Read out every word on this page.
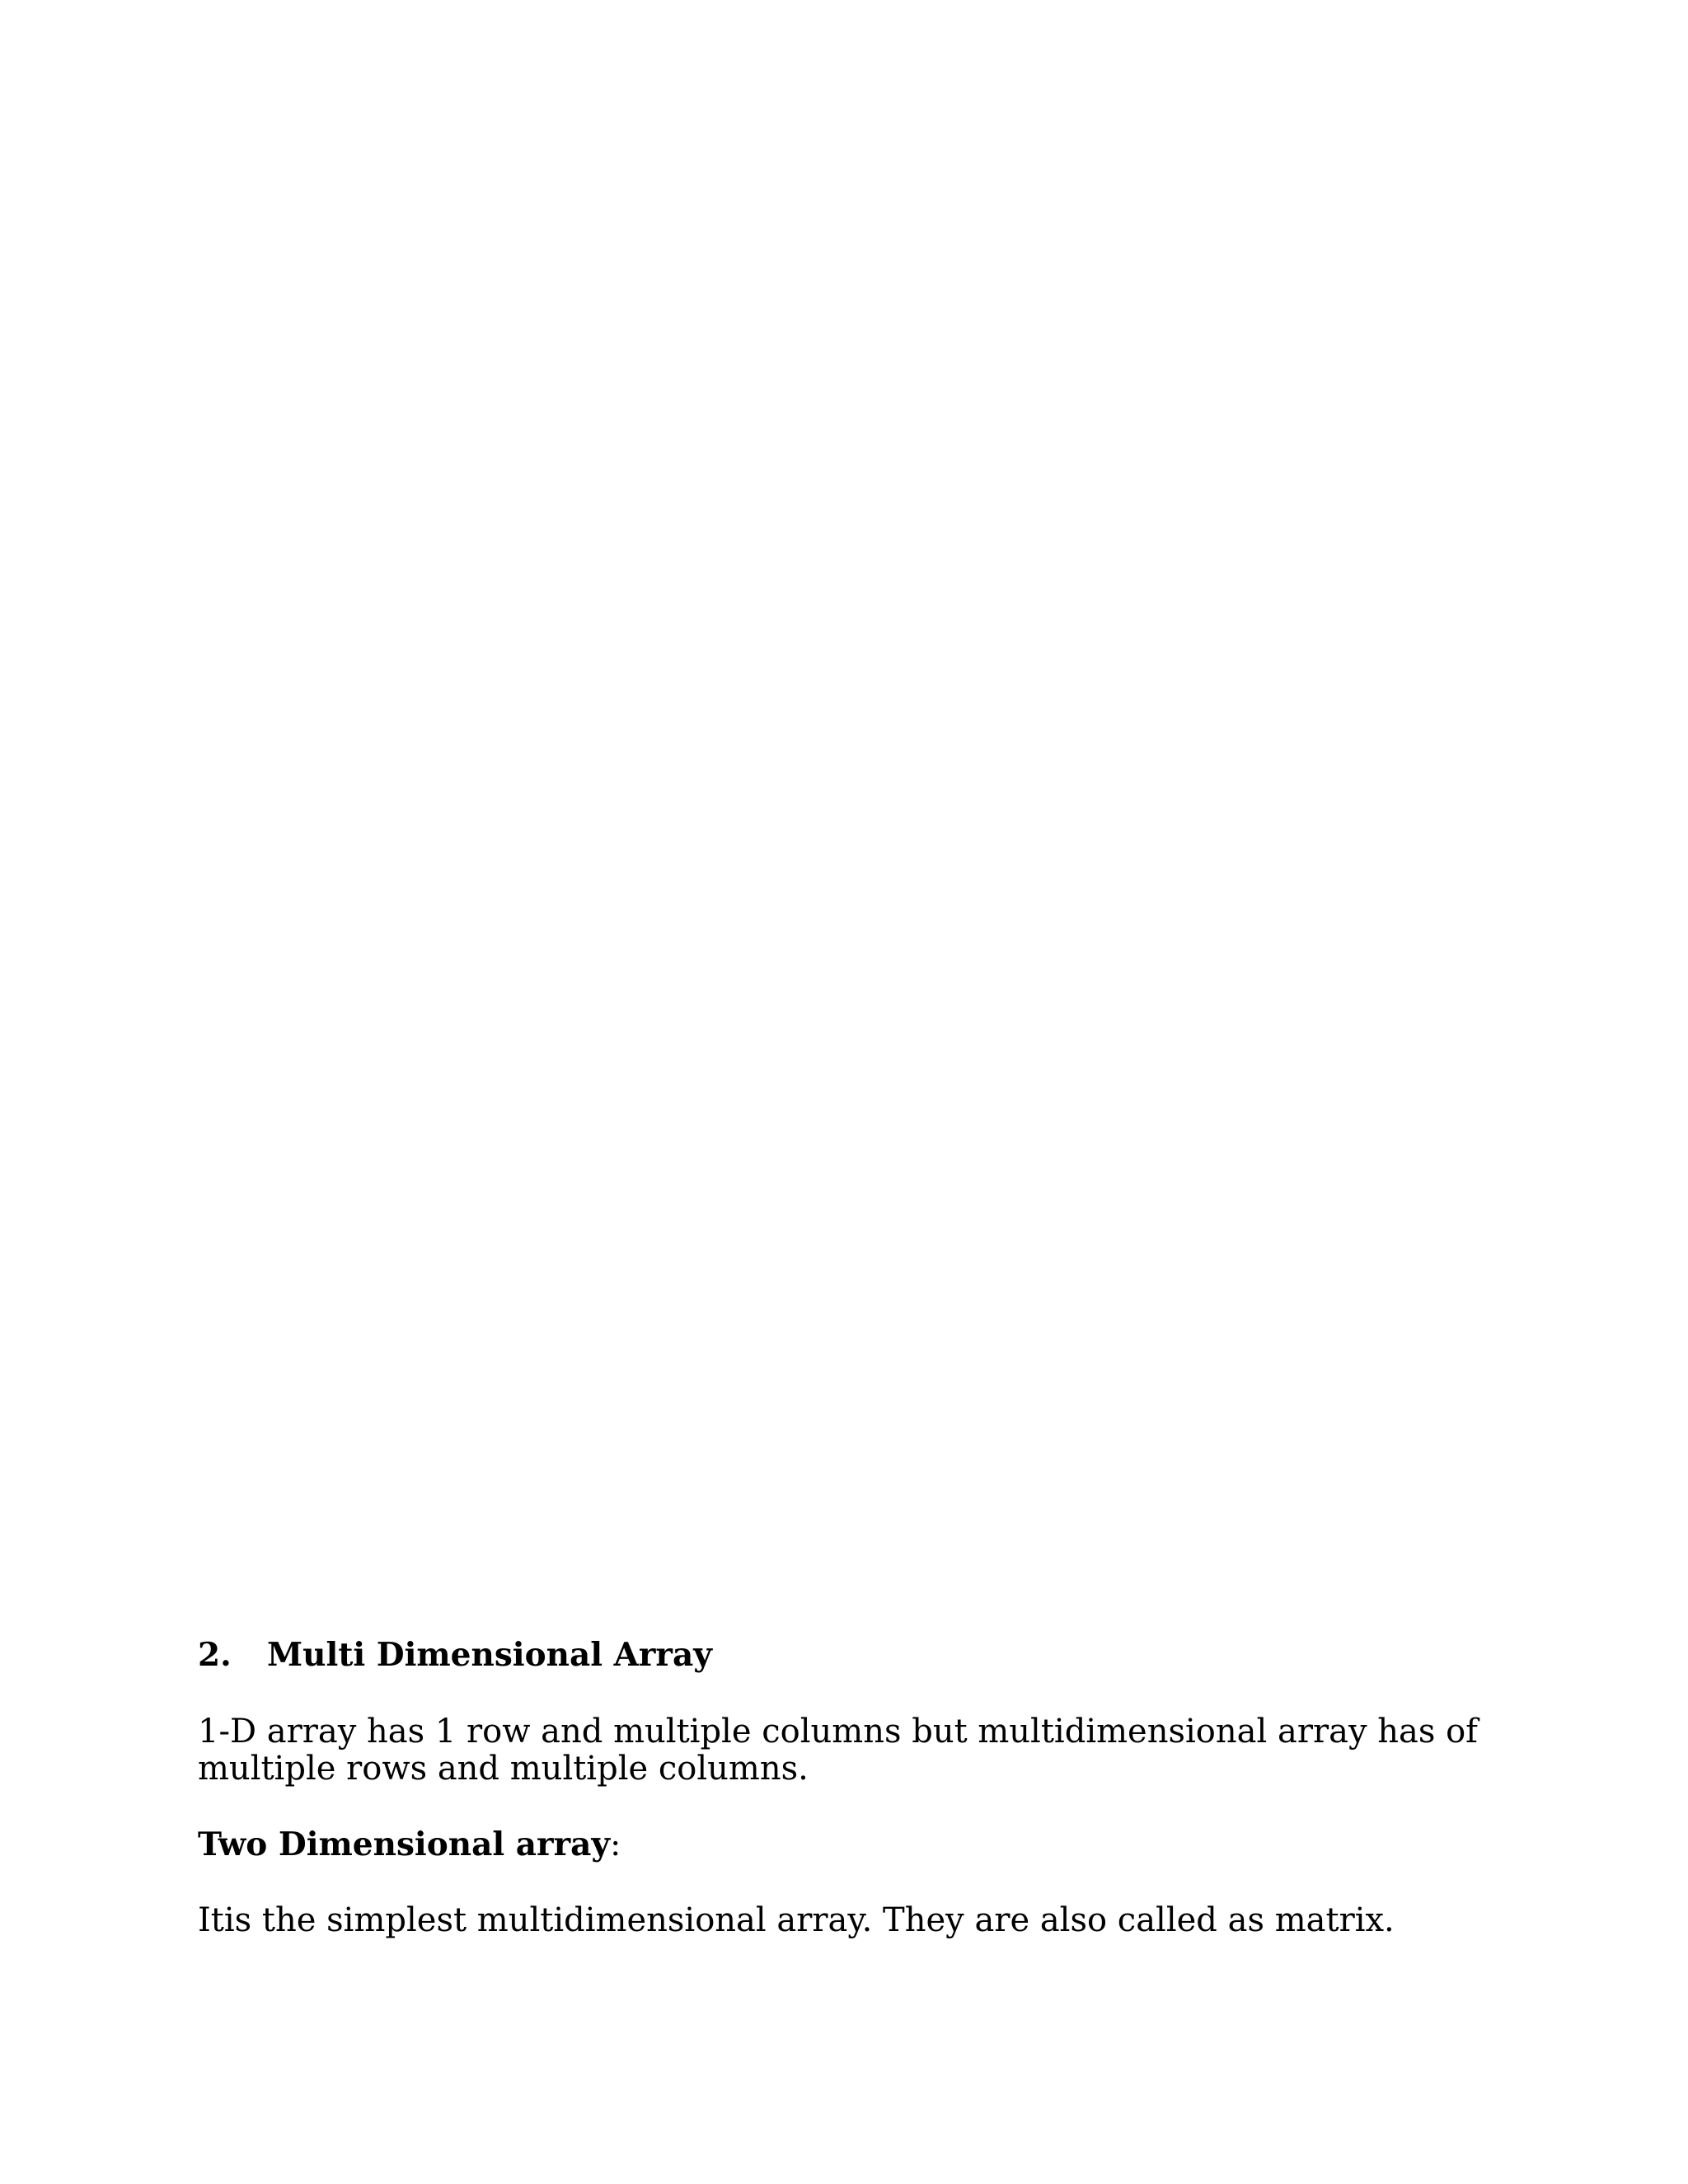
2.	Multi Dimensional Array

1-D array has 1 row and multiple columns but multidimensional array has of multiple rows and multiple columns.

Two Dimensional array:

Itis the simplest multidimensional array. They are also called as matrix.
